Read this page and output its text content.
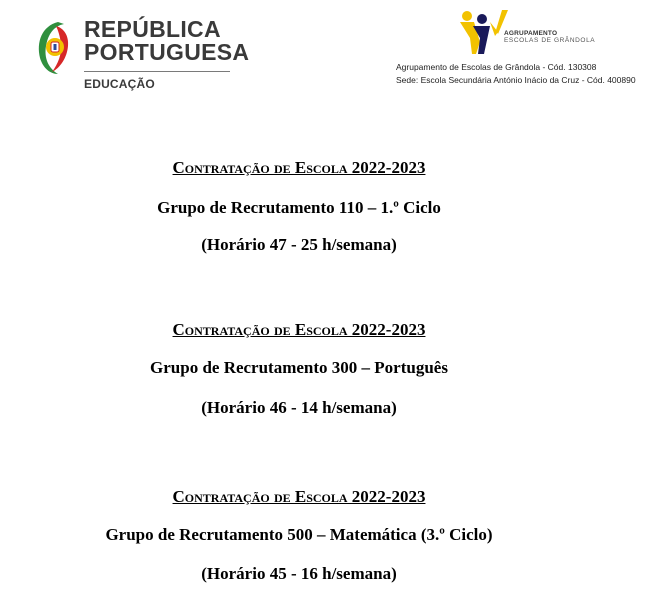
REPÚBLICA
PORTUGUESA
EDUCAÇÃO
AGRUPAMENTO
ESCOLAS DE GRÂNDOLA
Agrupamento de Escolas de Grândola - Cód. 130308
Sede: Escola Secundária António Inácio da Cruz - Cód. 400890
Contratação de Escola 2022-2023
Grupo de Recrutamento 110 – 1.º Ciclo
(Horário 47 - 25 h/semana)
Contratação de Escola 2022-2023
Grupo de Recrutamento 300 – Português
(Horário 46 - 14 h/semana)
Contratação de Escola 2022-2023
Grupo de Recrutamento 500 – Matemática (3.º Ciclo)
(Horário 45 - 16 h/semana)
